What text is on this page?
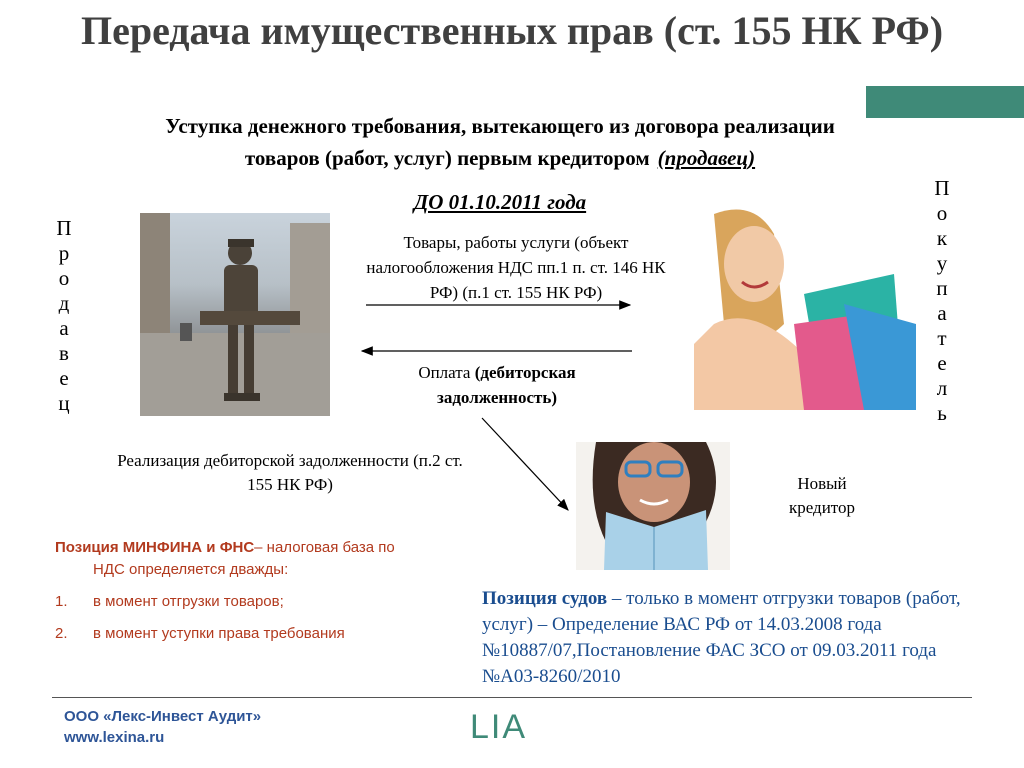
Передача имущественных прав (ст. 155 НК РФ)
Уступка денежного требования, вытекающего из договора реализации
товаров (работ, услуг) первым кредитором (продавец)
ДО 01.10.2011 года
П
р
о
д
а
в
е
ц
П
о
к
у
п
а
т
е
л
ь
Товары, работы услуги (объект налогообложения НДС пп.1 п. ст. 146 НК РФ) (п.1 ст. 155 НК РФ)
Оплата (дебиторская задолженность)
Реализация дебиторской задолженности (п.2 ст. 155 НК РФ)	Новый кредитор
Позиция МИНФИНА и ФНС– налоговая база по
НДС определяется дважды:
1.	в момент отгрузки товаров;
2.	в момент уступки права требования
Позиция судов – только в момент отгрузки товаров (работ, услуг) – Определение ВАС РФ от 14.03.2008 года №10887/07,Постановление ФАС ЗСО от 09.03.2011 года №А03-8260/2010
ООО «Лекс-Инвест Аудит»
www.lexina.ru	LIA
